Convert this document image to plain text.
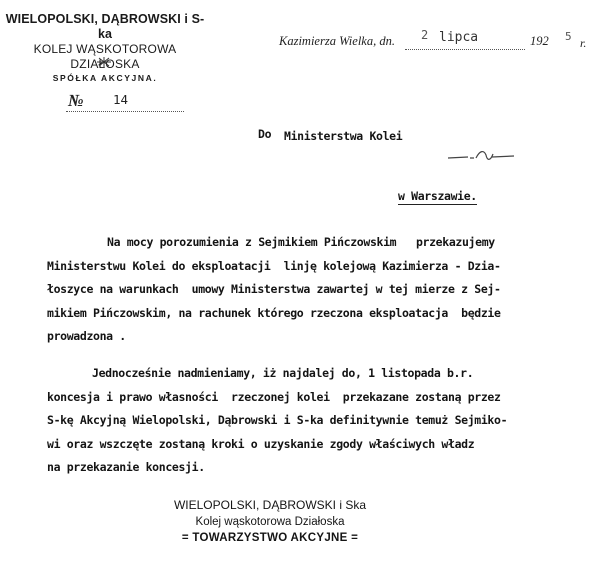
WIELOPOLSKI, DĄBROWSKI i S-ka
KOLEJ WĄSKOTOROWA DZIAŁOSKA
SPÓŁKA AKCYJNA.
Kazimierza Wielka, dn. 2 lipca	192 5 r.
№ 14
Do Ministerstwa Kolei
w Warszawie.
Na mocy porozumienia z Sejmikiem Pińczowskim   przekazujemy
Ministerstwu Kolei do eksploatacji  linję kolejową Kazimierza - Dzia-
łoszyce na warunkach  umowy Ministerstwa zawartej w tej mierze z Sej-
mikiem Pińczowskim, na rachunek którego rzeczona eksploatacja  będzie
prowadzona .
Jednocześnie nadmieniamy, iż najdalej do, 1 listopada b.r.
koncesja i prawo własności  rzeczonej kolei  przekazane zostaną przez
S-kę Akcyjną Wielopolski, Dąbrowski i S-ka definitywnie temuż Sejmiko-
wi oraz wszczęte zostaną kroki o uzyskanie zgody właściwych władz
na przekazanie koncesji.
WIELOPOLSKI, DĄBROWSKI i Ska
Kolej wąskotorowa Działoska
= TOWARZYSTWO AKCYJNE =
